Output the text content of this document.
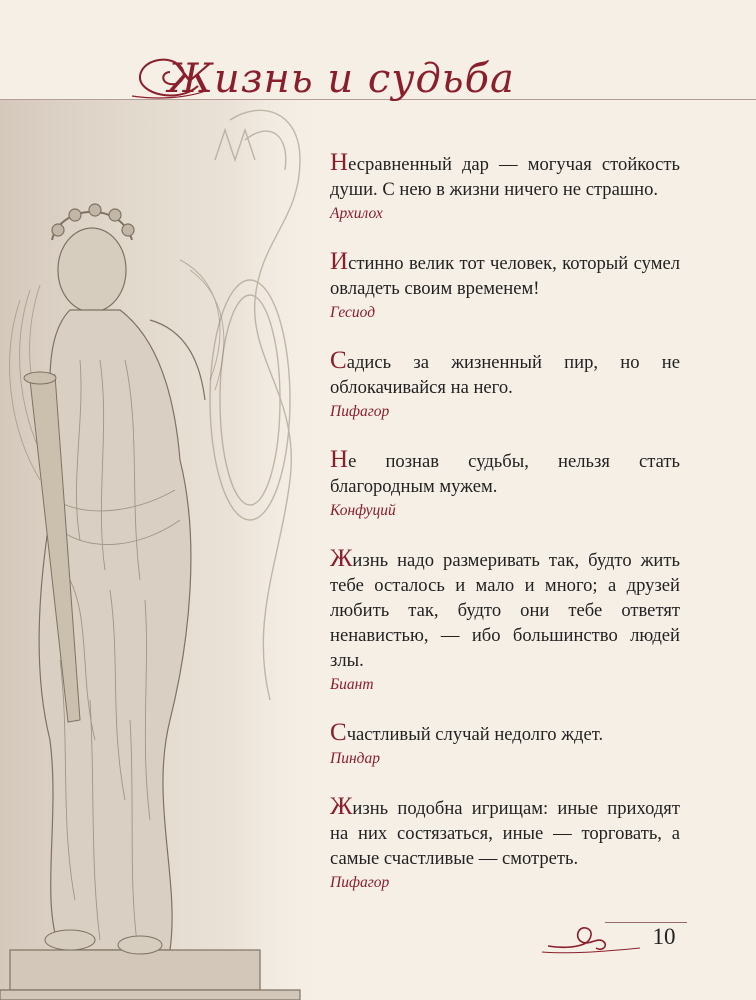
Жизнь и судьба

Несравненный дар — могучая стойкость души. С нею в жизни ничего не страшно.

Архилох

Истинно велик тот человек, который сумел овладеть своим временем!

Гесиод

Садись за жизненный пир, но не облокачивайся на него.

Пифагор

Не познав судьбы, нельзя стать благородным мужем.

Конфуций

Жизнь надо размеривать так, будто жить тебе осталось и мало и много; а друзей любить так, будто они тебе ответят ненавистью, — ибо большинство людей злы.

Биант

Счастливый случай недолго ждет.

Пиндар

Жизнь подобна игрищам: иные приходят на них состязаться, иные — торговать, а самые счастливые — смотреть.

Пифагор
10
